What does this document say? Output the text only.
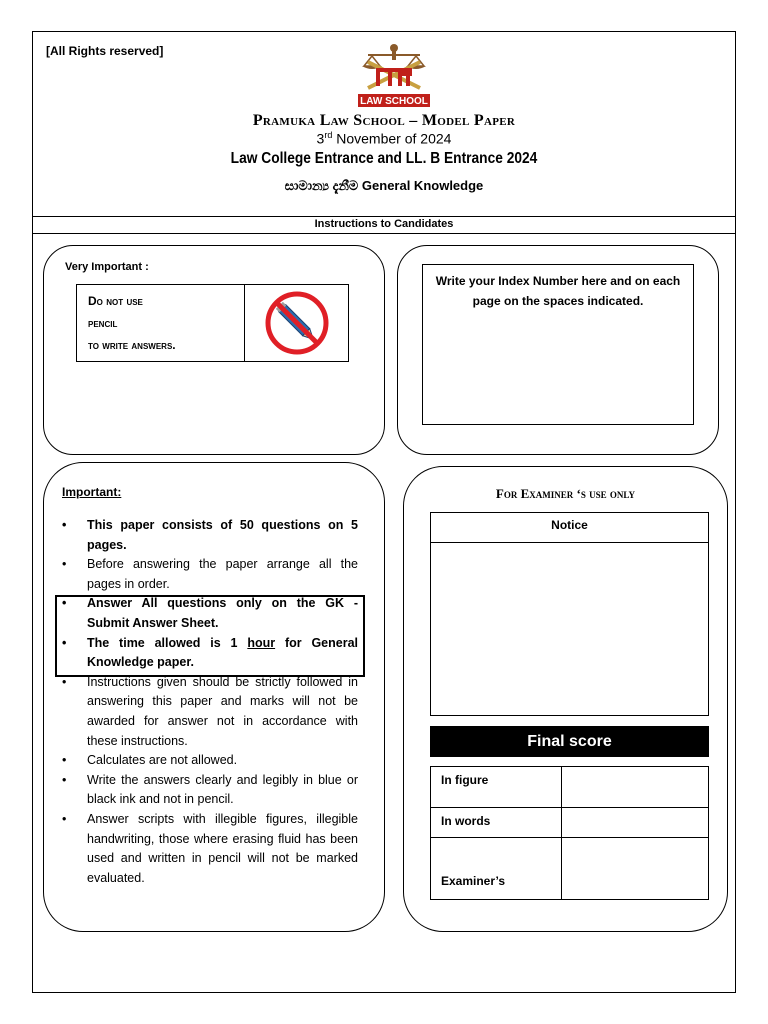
[All Rights reserved]
LAW SCHOOL
Pramuka Law School – Model Paper
3rd November of 2024
Law College Entrance and LL. B Entrance 2024
සාමාන්‍ය දැනීම General Knowledge
Instructions to Candidates
Very Important :
Do not use
pencil
to write answers.
Write your Index Number here and on each page on the spaces indicated.
Important:
• This paper consists of 50 questions on 5 pages.
• Before answering the paper arrange all the pages in order.
• Answer All questions only on the GK - Submit Answer Sheet.
• The time allowed is 1 hour for General Knowledge paper.
• Instructions given should be strictly followed in answering this paper and marks will not be awarded for answer not in accordance with these instructions.
• Calculates are not allowed.
• Write the answers clearly and legibly in blue or black ink and not in pencil.
• Answer scripts with illegible figures, illegible handwriting, those where erasing fluid has been used and written in pencil will not be marked evaluated.
For Examiner ‘s use only
Notice
Final score
In figure
In words
Examiner’s
